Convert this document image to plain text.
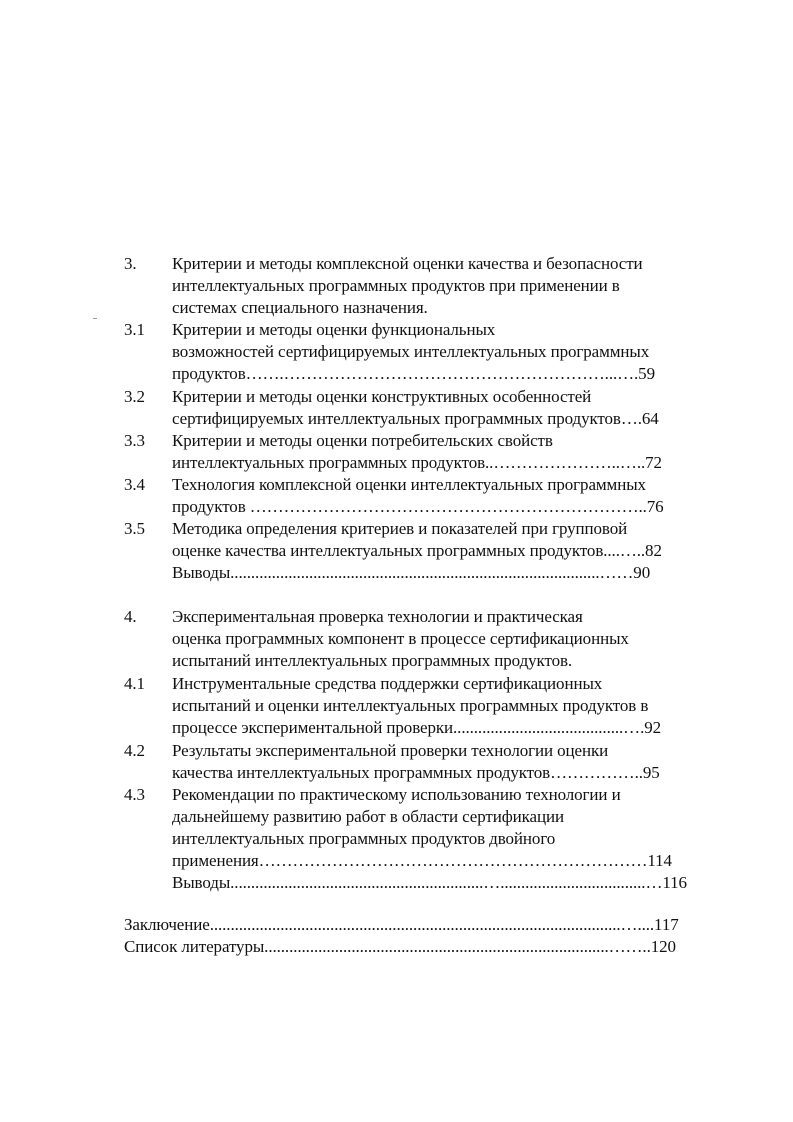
3. Критерии и методы комплексной оценки качества и безопасности
интеллектуальных программных продуктов при применении в
системах специального назначения.
3.1 Критерии и методы оценки функциональных
возможностей сертифицируемых интеллектуальных программных
продуктов…….…………………………………………………...….59
3.2 Критерии и методы оценки конструктивных особенностей
сертифицируемых интеллектуальных программных продуктов….64
3.3 Критерии и методы оценки потребительских свойств
интеллектуальных программных продуктов..…………………..…..72
3.4 Технология комплексной оценки интеллектуальных программных
продуктов ……………………………………………………………..76
3.5 Методика определения критериев и показателей при групповой
оценке качества интеллектуальных программных продуктов....…..82
Выводы.........................................................................................……90
4. Экспериментальная проверка технологии и практическая
оценка программных компонент в процессе сертификационных
испытаний интеллектуальных программных продуктов.
4.1 Инструментальные средства поддержки сертификационных
испытаний и оценки интеллектуальных программных продуктов в
процессе экспериментальной проверки.........................................….92
4.2 Результаты экспериментальной проверки технологии оценки
качества интеллектуальных программных продуктов……………..95
4.3 Рекомендации по практическому использованию технологии и
дальнейшему развитию работ в области сертификации
интеллектуальных программных продуктов двойного
применения……………………………………………………………114
Выводы.............................................................…...................................…116
Заключение...................................................................................................…....117
Список литературы...................................................................................……..120
